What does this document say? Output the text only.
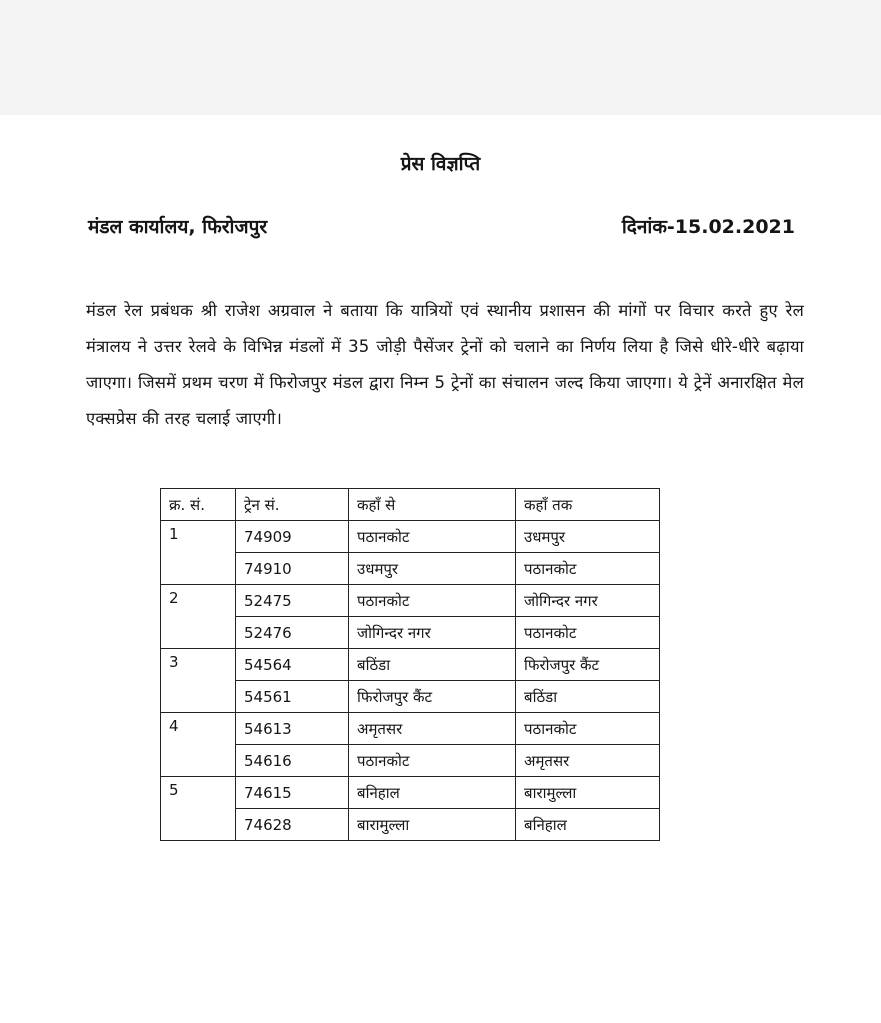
प्रेस विज्ञप्ति
मंडल कार्यालय, फिरोजपुर	दिनांक-15.02.2021
मंडल रेल प्रबंधक श्री राजेश अग्रवाल ने बताया कि यात्रियों एवं स्थानीय प्रशासन की मांगों पर विचार करते हुए रेल मंत्रालय ने उत्तर रेलवे के विभिन्न मंडलों में 35 जोड़ी पैसेंजर ट्रेनों को चलाने का निर्णय लिया है जिसे धीरे-धीरे बढ़ाया जाएगा। जिसमें प्रथम चरण में फिरोजपुर मंडल द्वारा निम्न 5 ट्रेनों का संचालन जल्द किया जाएगा। ये ट्रेनें अनारक्षित मेल एक्सप्रेस की तरह चलाई जाएगी।
क्र. सं.	ट्रेन सं.	कहाँ से	कहाँ तक
1	74909	पठानकोट	उधमपुर
	74910	उधमपुर	पठानकोट
2	52475	पठानकोट	जोगिन्दर नगर
	52476	जोगिन्दर नगर	पठानकोट
3	54564	बठिंडा	फिरोजपुर कैंट
	54561	फिरोजपुर कैंट	बठिंडा
4	54613	अमृतसर	पठानकोट
	54616	पठानकोट	अमृतसर
5	74615	बनिहाल	बारामुल्ला
	74628	बारामुल्ला	बनिहाल
